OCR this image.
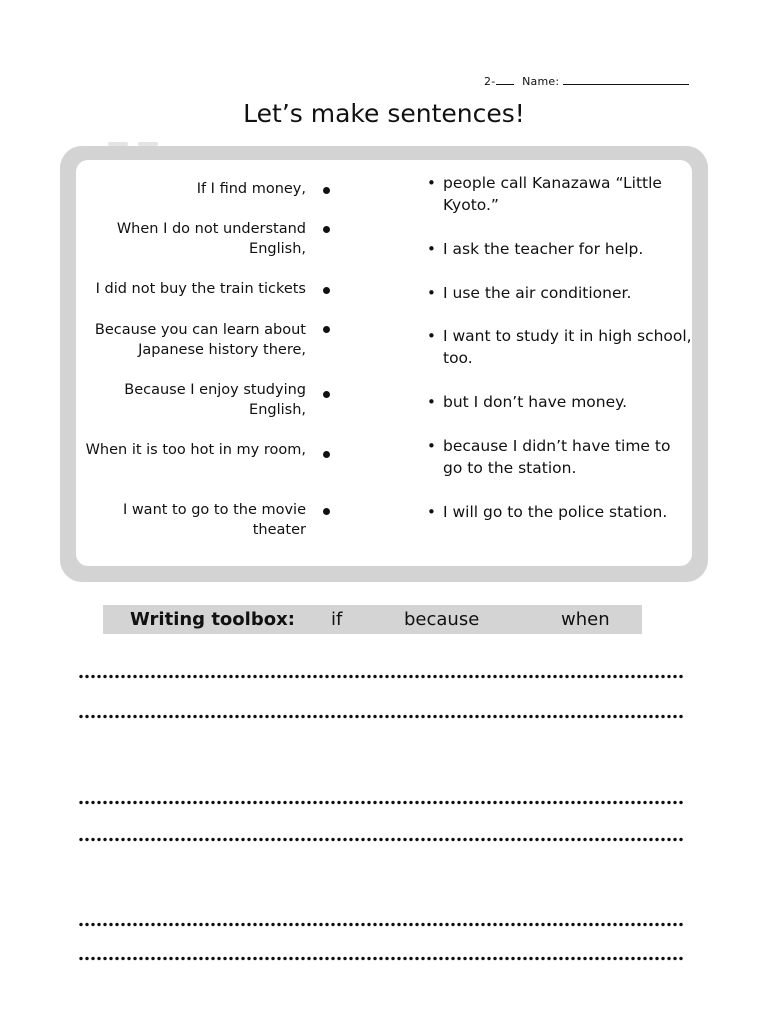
2- Name:
Let’s make sentences!
If I find money,
When I do not understand English,
I did not buy the train tickets
Because you can learn about Japanese history there,
Because I enjoy studying English,
When it is too hot in my room,
I want to go to the movie theater
• people call Kanazawa “Little Kyoto.”
• I ask the teacher for help.
• I use the air conditioner.
• I want to study it in high school, too.
• but I don’t have money.
• because I didn’t have time to go to the station.
• I will go to the police station.
Writing toolbox: if	because	when
